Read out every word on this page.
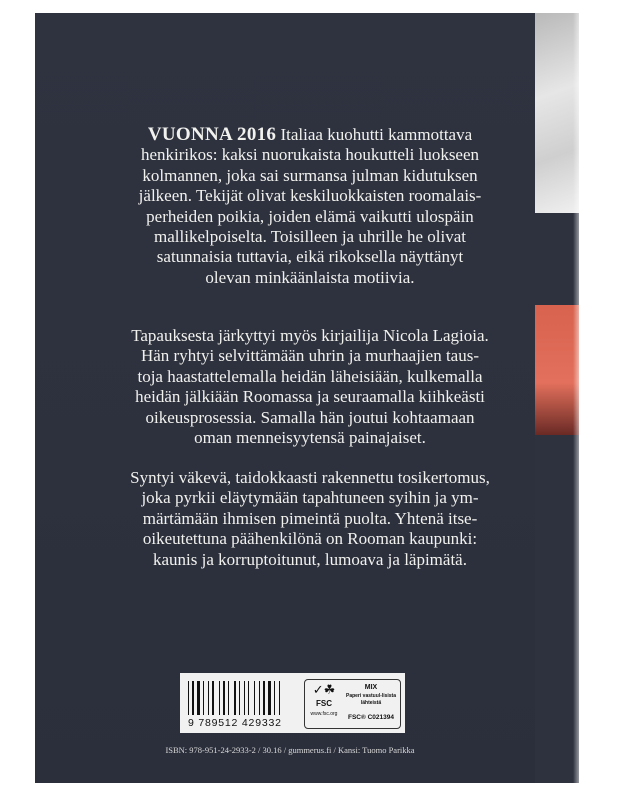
VUONNA 2016 Italiaa kuohutti kammottava
henkirikos: kaksi nuorukaista houkutteli luokseen
kolmannen, joka sai surmansa julman kidutuksen
jälkeen. Tekijät olivat keskiluokkaisten roomalais-
perheiden poikia, joiden elämä vaikutti ulospäin
mallikelpoiselta. Toisilleen ja uhrille he olivat
satunnaisia tuttavia, eikä rikoksella näyttänyt
olevan minkäänlaista motiivia.
Tapauksesta järkyttyi myös kirjailija Nicola Lagioia.
Hän ryhtyi selvittämään uhrin ja murhaajien taus-
toja haastattelemalla heidän läheisiään, kulkemalla
heidän jälkiään Roomassa ja seuraamalla kiihkeästi
oikeusprosessia. Samalla hän joutui kohtaamaan
oman menneisyytensä painajaiset.
Syntyi väkevä, taidokkaasti rakennettu tosikertomus,
joka pyrkii eläytymään tapahtuneen syihin ja ym-
märtämään ihmisen pimeintä puolta. Yhtenä itse-
oikeutettuna päähenkilönä on Rooman kaupunki:
kaunis ja korruptoitunut, lumoava ja läpimätä.
9 789512 429332
✓☘
FSC
www.fsc.org
MIX
Paperi vastuul-lisista lähteistä
FSC® C021394
ISBN: 978-951-24-2933-2 / 30.16 / gummerus.fi / Kansi: Tuomo Parikka
